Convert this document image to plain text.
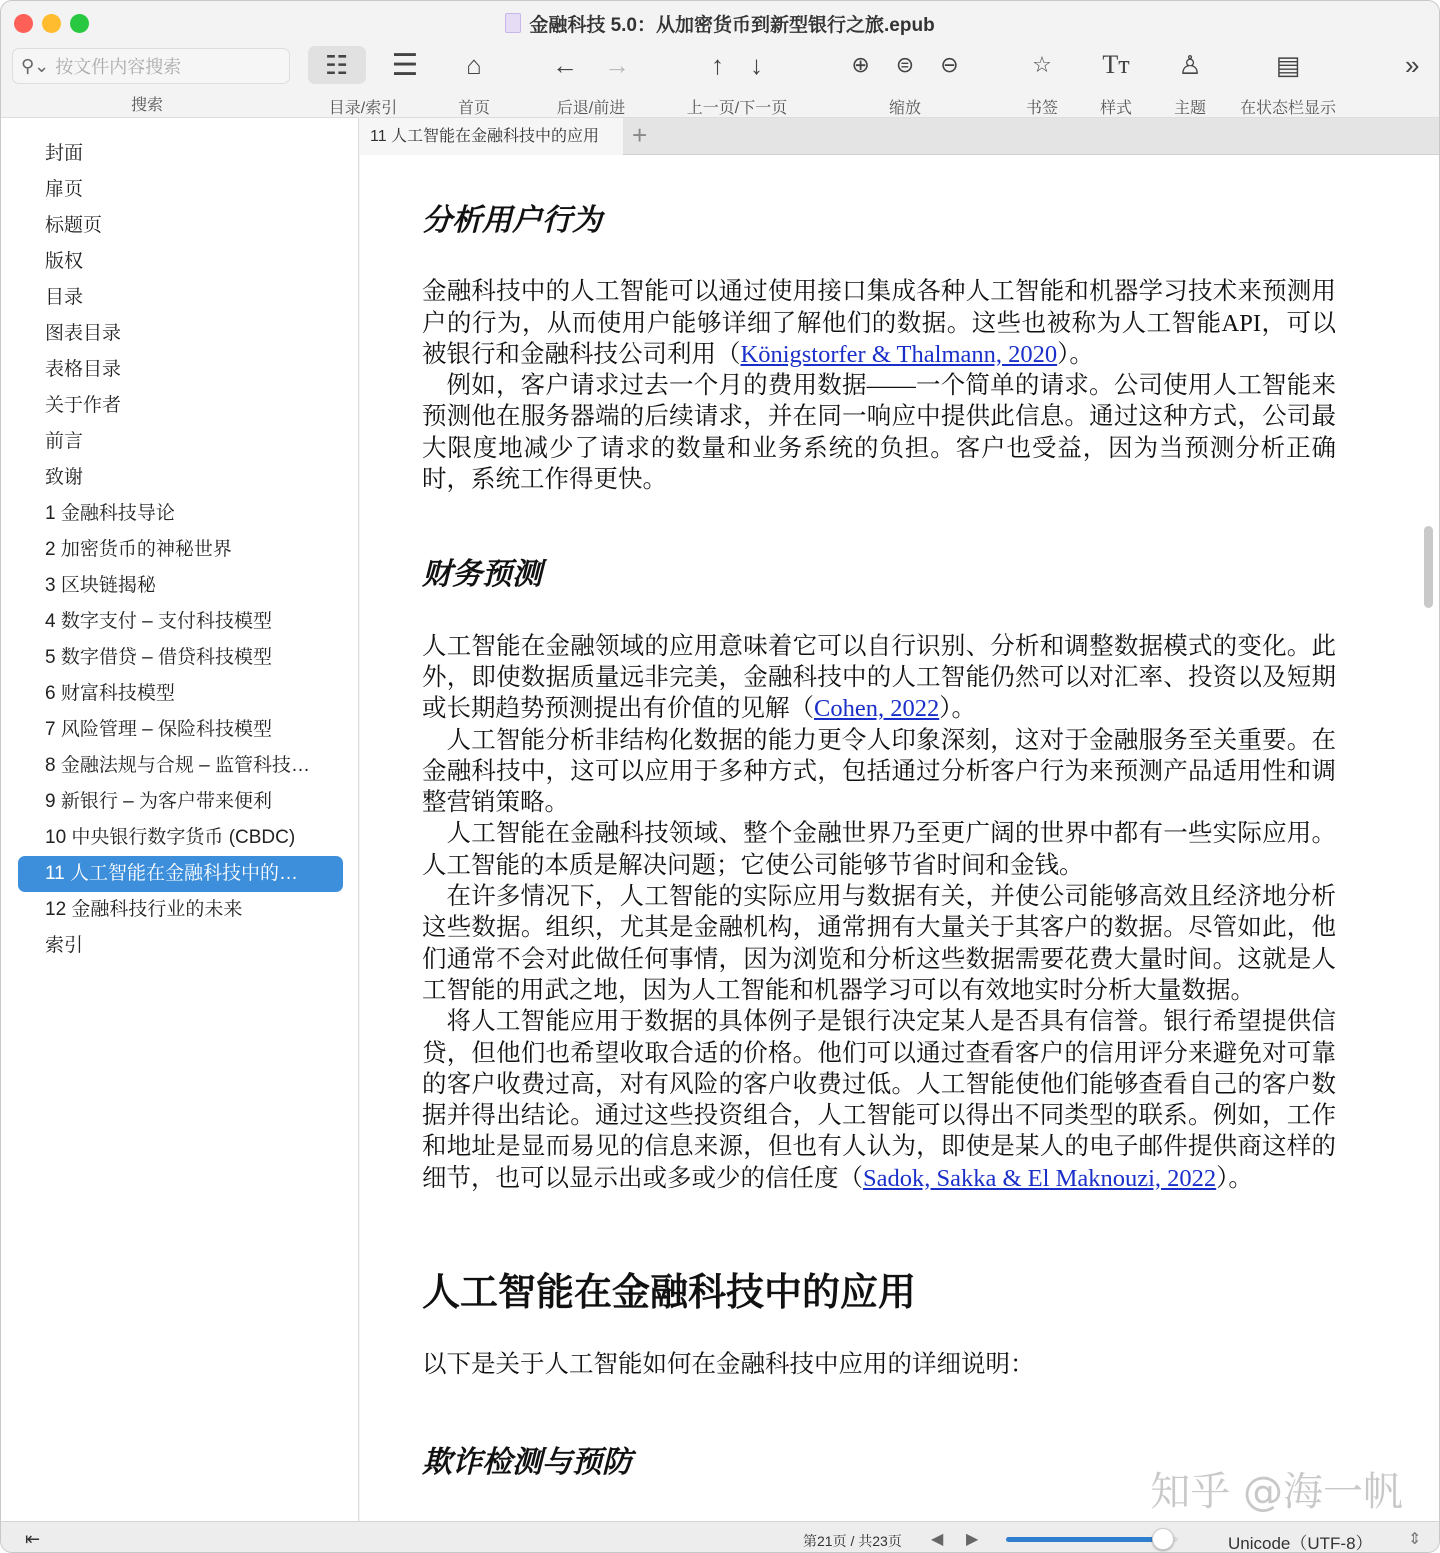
金融科技 5.0：从加密货币到新型银行之旅.epub
⚲⌄ 按文件内容搜索
搜索
☷	☰
目录/索引
⌂
首页
← →
后退/前进
↑ ↓
上一页/下一页
⊕ ⊜ ⊖
缩放
☆
书签
Tт
样式
♙
主题
▤
在状态栏显示
»
封面
扉页
标题页
版权
目录
图表目录
表格目录
关于作者
前言
致谢
1 金融科技导论
2 加密货币的神秘世界
3 区块链揭秘
4 数字支付 – 支付科技模型
5 数字借贷 – 借贷科技模型
6 财富科技模型
7 风险管理 – 保险科技模型
8 金融法规与合规 – 监管科技…
9 新银行 – 为客户带来便利
10 中央银行数字货币 (CBDC)
11 人工智能在金融科技中的…
12 金融科技行业的未来
索引
11 人工智能在金融科技中的应用	+
分析用户行为

金融科技中的人工智能可以通过使用接口集成各种人工智能和机器学习技术来预测用户的行为，从而使用户能够详细了解他们的数据。这些也被称为人工智能API，可以被银行和金融科技公司利用（Königstorfer & Thalmann, 2020）。

例如，客户请求过去一个月的费用数据——一个简单的请求。公司使用人工智能来预测他在服务器端的后续请求，并在同一响应中提供此信息。通过这种方式，公司最大限度地减少了请求的数量和业务系统的负担。客户也受益，因为当预测分析正确时，系统工作得更快。

财务预测

人工智能在金融领域的应用意味着它可以自行识别、分析和调整数据模式的变化。此外，即使数据质量远非完美，金融科技中的人工智能仍然可以对汇率、投资以及短期或长期趋势预测提出有价值的见解（Cohen, 2022）。

人工智能分析非结构化数据的能力更令人印象深刻，这对于金融服务至关重要。在金融科技中，这可以应用于多种方式，包括通过分析客户行为来预测产品适用性和调整营销策略。

人工智能在金融科技领域、整个金融世界乃至更广阔的世界中都有一些实际应用。人工智能的本质是解决问题；它使公司能够节省时间和金钱。

在许多情况下，人工智能的实际应用与数据有关，并使公司能够高效且经济地分析这些数据。组织，尤其是金融机构，通常拥有大量关于其客户的数据。尽管如此，他们通常不会对此做任何事情，因为浏览和分析这些数据需要花费大量时间。这就是人工智能的用武之地，因为人工智能和机器学习可以有效地实时分析大量数据。

将人工智能应用于数据的具体例子是银行决定某人是否具有信誉。银行希望提供信贷，但他们也希望收取合适的价格。他们可以通过查看客户的信用评分来避免对可靠的客户收费过高，对有风险的客户收费过低。人工智能使他们能够查看自己的客户数据并得出结论。通过这些投资组合，人工智能可以得出不同类型的联系。例如，工作和地址是显而易见的信息来源，但也有人认为，即使是某人的电子邮件提供商这样的细节，也可以显示出或多或少的信任度（Sadok, Sakka & El Maknouzi, 2022）。

人工智能在金融科技中的应用

以下是关于人工智能如何在金融科技中应用的详细说明：

欺诈检测与预防
知乎 @海一帆
⇤	第21页 / 共23页 ◀ ▶	Unicode（UTF-8） ⇕
